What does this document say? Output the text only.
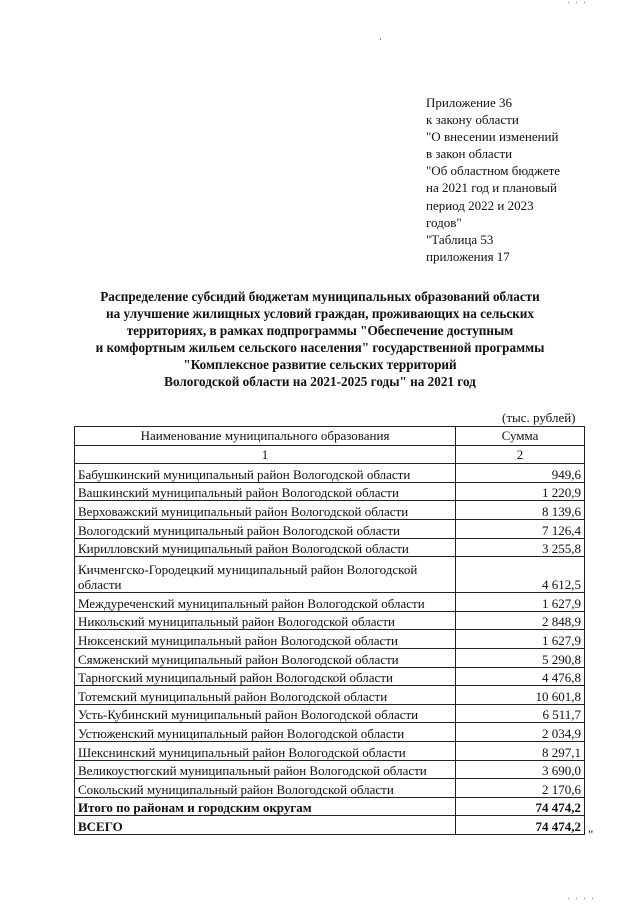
' ' '
Приложение 36
к закону области
"О внесении изменений
в закон области
"Об областном бюджете
на 2021 год и плановый
период 2022 и 2023
годов"
"Таблица 53
приложения 17
Распределение субсидий бюджетам муниципальных образований области
на улучшение жилищных условий граждан, проживающих на сельских
территориях, в рамках подпрограммы "Обеспечение доступным
и комфортным жильем сельского населения" государственной программы
"Комплексное развитие сельских территорий
Вологодской области на 2021-2025 годы" на 2021 год
(тыс. рублей)
Наименование муниципального образования	Сумма
1	2
Бабушкинский муниципальный район Вологодской области	949,6
Вашкинский муниципальный район Вологодской области	1 220,9
Верховажский муниципальный район Вологодской области	8 139,6
Вологодский муниципальный район Вологодской области	7 126,4
Кирилловский муниципальный район Вологодской области	3 255,8
Кичменгско-Городецкий муниципальный район Вологодской области	4 612,5
Междуреченский муниципальный район Вологодской области	1 627,9
Никольский муниципальный район Вологодской области	2 848,9
Нюксенский муниципальный район Вологодской области	1 627,9
Сямженский муниципальный район Вологодской области	5 290,8
Тарногский муниципальный район Вологодской области	4 476,8
Тотемский муниципальный район Вологодской области	10 601,8
Усть-Кубинский муниципальный район Вологодской области	6 511,7
Устюженский муниципальный район Вологодской области	2 034,9
Шекснинский муниципальный район Вологодской области	8 297,1
Великоустюгский муниципальный район Вологодской области	3 690,0
Сокольский муниципальный район Вологодской области	2 170,6
Итого по районам и городским округам	74 474,2
ВСЕГО	74 474,2
"
' ' ' '
